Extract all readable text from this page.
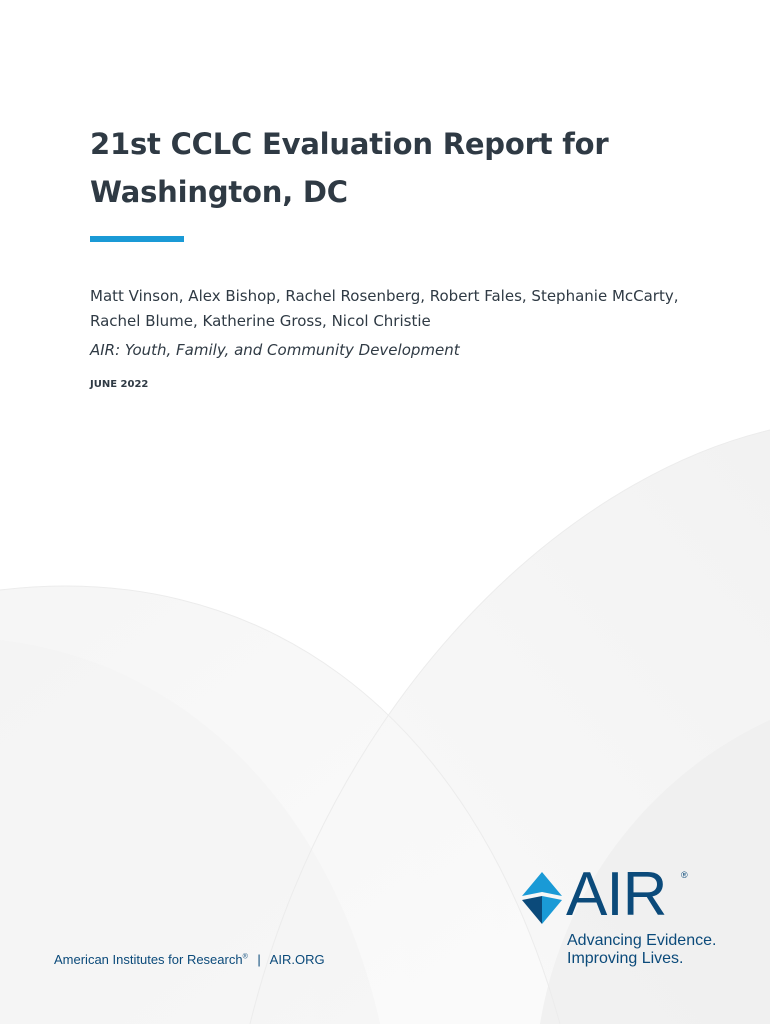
21st CCLC Evaluation Report for
Washington, DC
Matt Vinson, Alex Bishop, Rachel Rosenberg, Robert Fales, Stephanie McCarty,
Rachel Blume, Katherine Gross, Nicol Christie
AIR: Youth, Family, and Community Development
JUNE 2022
American Institutes for Research® | AIR.ORG
AIR ®
Advancing Evidence.
Improving Lives.
